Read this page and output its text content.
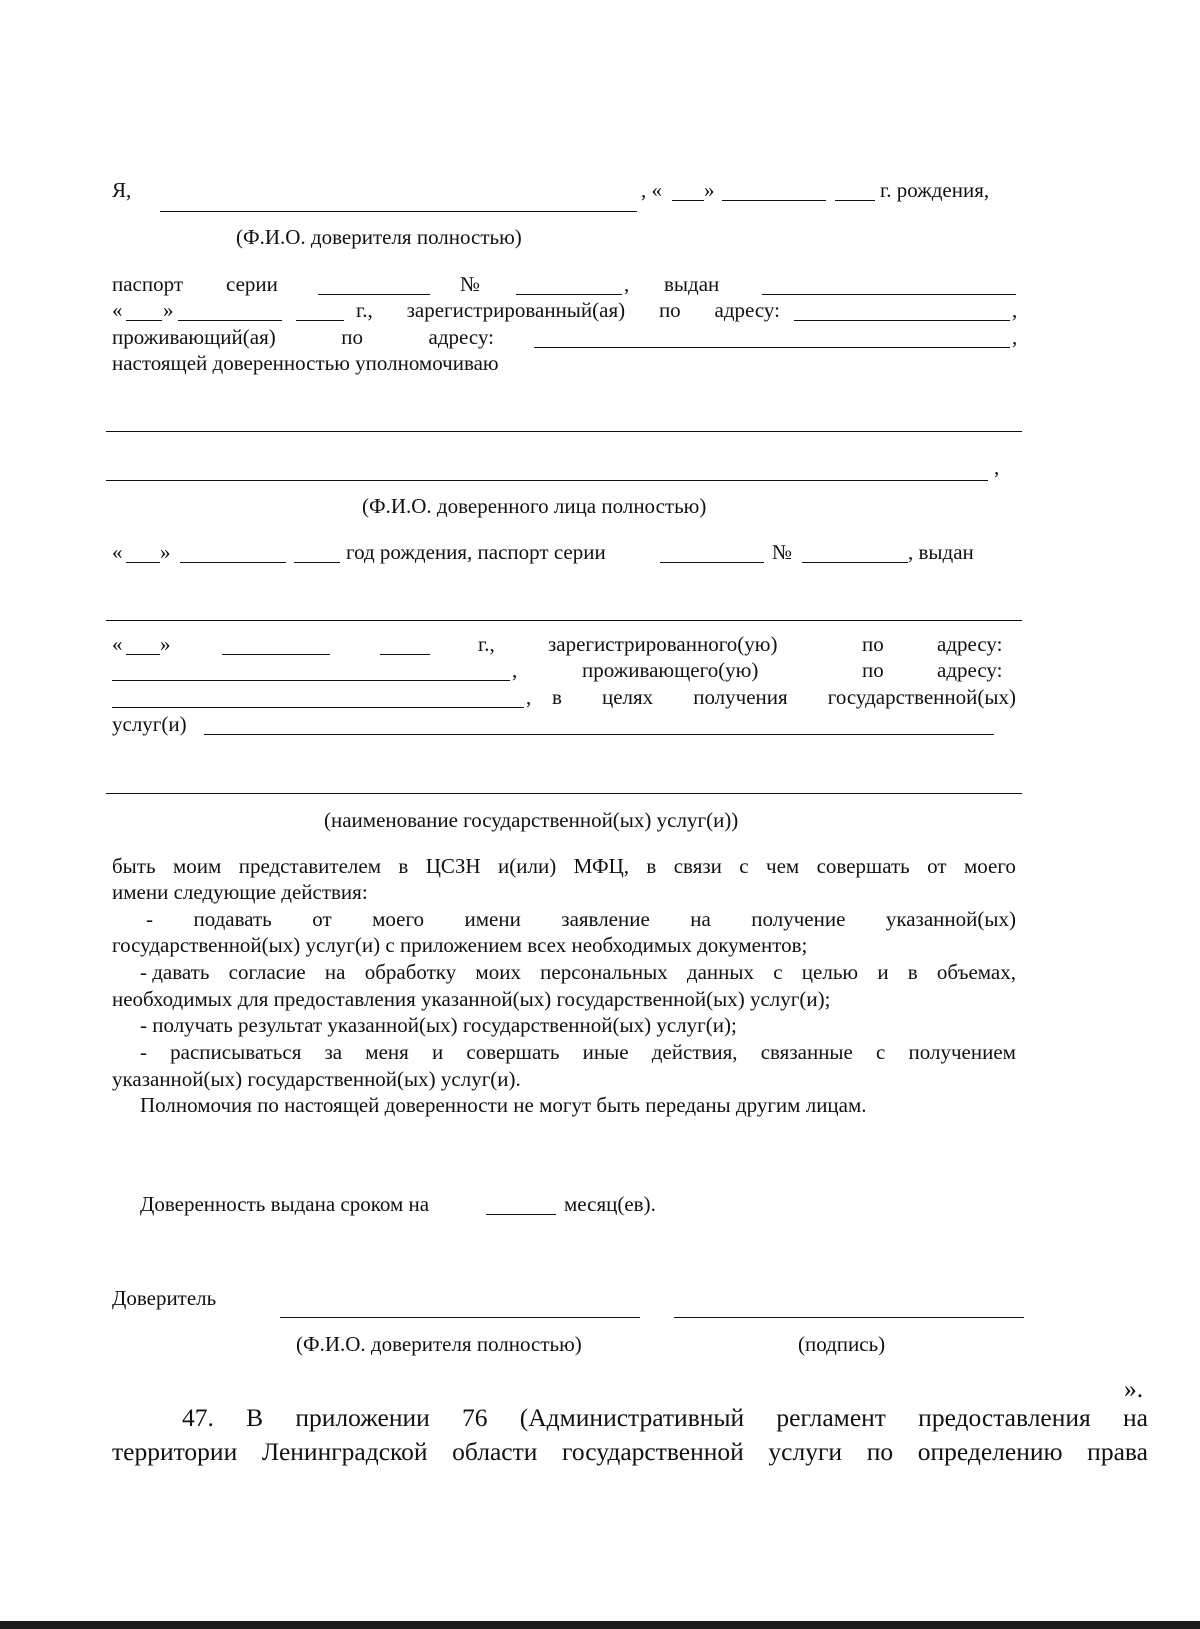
Я,	, « »	г. рождения,
(Ф.И.О. доверителя полностью)
паспорт серии	№	, выдан
« »	г., зарегистрированный(ая) по адресу:	,
проживающий(ая)	по	адресу:	,
настоящей доверенностью уполномочиваю
,
(Ф.И.О. доверенного лица полностью)
« »	год рождения, паспорт серии	№	, выдан
« »	г.,	зарегистрированного(ую)	по	адресу:
,	проживающего(ую)	по	адресу:
, в целях получения государственной(ых)
услуг(и)
(наименование государственной(ых) услуг(и))
быть моим представителем в ЦСЗН и(или) МФЦ, в связи с чем совершать от моего
имени следующие действия:
- подавать от моего имени заявление на получение указанной(ых)
государственной(ых) услуг(и) с приложением всех необходимых документов;
- давать согласие на обработку моих персональных данных с целью и в объемах,
необходимых для предоставления указанной(ых) государственной(ых) услуг(и);
- получать результат указанной(ых) государственной(ых) услуг(и);
- расписываться за меня и совершать иные действия, связанные с получением
указанной(ых) государственной(ых) услуг(и).
Полномочия по настоящей доверенности не могут быть переданы другим лицам.
Доверенность выдана сроком на	месяц(ев).
Доверитель
(Ф.И.О. доверителя полностью)	(подпись)
».
47. В приложении 76 (Административный регламент предоставления на
территории Ленинградской области государственной услуги по определению права
